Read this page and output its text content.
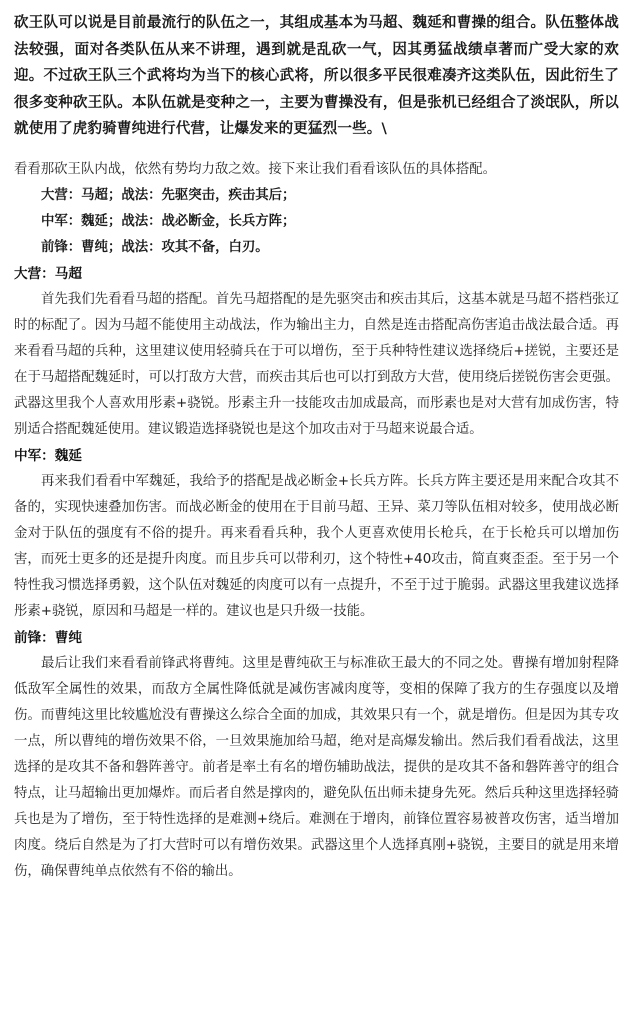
砍王队可以说是目前最流行的队伍之一，其组成基本为马超、魏延和曹操的组合。队伍整体战法较强，面对各类队伍从来不讲理，遇到就是乱砍一气，因其勇猛战绩卓著而广受大家的欢迎。不过砍王队三个武将均为当下的核心武将，所以很多平民很难凑齐这类队伍，因此衍生了很多变种砍王队。本队伍就是变种之一，主要为曹操没有，但是张机已经组合了淡氓队，所以就使用了虎豹骑曹纯进行代营，让爆发来的更猛烈一些。\

看看那砍王队内战，依然有势均力敌之效。接下来让我们看看该队伍的具体搭配。

大营：马超；战法：先驱突击，疾击其后；

中军：魏延；战法：战必断金，长兵方阵；

前锋：曹纯；战法：攻其不备，白刃。

大营：马超

首先我们先看看马超的搭配。首先马超搭配的是先驱突击和疾击其后，这基本就是马超不搭档张辽时的标配了。因为马超不能使用主动战法，作为输出主力，自然是连击搭配高伤害追击战法最合适。再来看看马超的兵种，这里建议使用轻骑兵在于可以增伤，至于兵种特性建议选择绕后+搓锐，主要还是在于马超搭配魏延时，可以打敌方大营，而疾击其后也可以打到敌方大营，使用绕后搓锐伤害会更强。武器这里我个人喜欢用彤素+骁锐。彤素主升一技能攻击加成最高，而彤素也是对大营有加成伤害，特别适合搭配魏延使用。建议锻造选择骁锐也是这个加攻击对于马超来说最合适。

中军：魏延

再来我们看看中军魏延，我给予的搭配是战必断金+长兵方阵。长兵方阵主要还是用来配合攻其不备的，实现快速叠加伤害。而战必断金的使用在于目前马超、王异、菜刀等队伍相对较多，使用战必断金对于队伍的强度有不俗的提升。再来看看兵种，我个人更喜欢使用长枪兵，在于长枪兵可以增加伤害，而死士更多的还是提升肉度。而且步兵可以带利刃，这个特性+40攻击，简直爽歪歪。至于另一个特性我习惯选择勇毅，这个队伍对魏延的肉度可以有一点提升，不至于过于脆弱。武器这里我建议选择彤素+骁锐，原因和马超是一样的。建议也是只升级一技能。

前锋：曹纯

最后让我们来看看前锋武将曹纯。这里是曹纯砍王与标准砍王最大的不同之处。曹操有增加射程降低敌军全属性的效果，而敌方全属性降低就是减伤害减肉度等，变相的保障了我方的生存强度以及增伤。而曹纯这里比较尴尬没有曹操这么综合全面的加成，其效果只有一个，就是增伤。但是因为其专攻一点，所以曹纯的增伤效果不俗，一旦效果施加给马超，绝对是高爆发输出。然后我们看看战法，这里选择的是攻其不备和磐阵善守。前者是率土有名的增伤辅助战法，提供的是攻其不备和磐阵善守的组合特点，让马超输出更加爆炸。而后者自然是撑肉的，避免队伍出师未捷身先死。然后兵种这里选择轻骑兵也是为了增伤，至于特性选择的是难测+绕后。难测在于增肉，前锋位置容易被普攻伤害，适当增加肉度。绕后自然是为了打大营时可以有增伤效果。武器这里个人选择真刚+骁锐，主要目的就是用来增伤，确保曹纯单点依然有不俗的输出。
